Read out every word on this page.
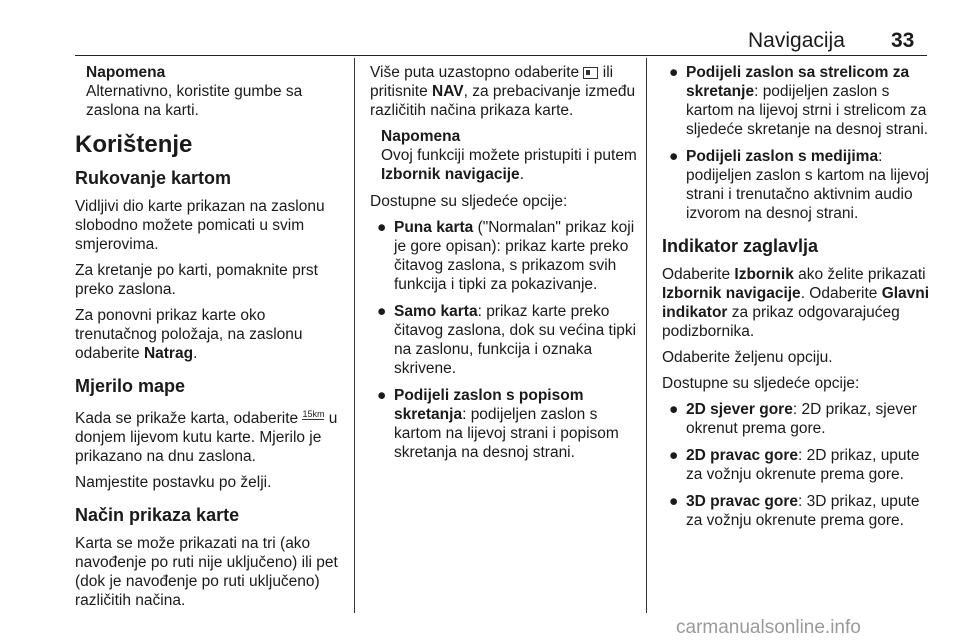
Navigacija 33
Napomena
Alternativno, koristite gumbe sa zaslona na karti.
Korištenje
Rukovanje kartom

Vidljivi dio karte prikazan na zaslonu slobodno možete pomicati u svim smjerovima.

Za kretanje po karti, pomaknite prst preko zaslona.

Za ponovni prikaz karte oko trenutačnog položaja, na zaslonu odaberite Natrag.

Mjerilo mape

Kada se prikaže karta, odaberite $^{15km}$ u donjem lijevom kutu karte. Mjerilo je prikazano na dnu zaslona.

Namjestite postavku po želji.

Način prikaza karte

Karta se može prikazati na tri (ako navođenje po ruti nije uključeno) ili pet (dok je navođenje po ruti uključeno) različitih načina.

Više puta uzastopno odaberite  ili pritisnite NAV, za prebacivanje između različitih načina prikaza karte.

Napomena
Ovoj funkciji možete pristupiti i putem Izbornik navigacije.

Dostupne su sljedeće opcije:

● Puna karta ("Normalan" prikaz koji je gore opisan): prikaz karte preko čitavog zaslona, s prikazom svih funkcija i tipki za pokazivanje.
● Samo karta: prikaz karte preko čitavog zaslona, dok su većina tipki na zaslonu, funkcija i oznaka skrivene.
● Podijeli zaslon s popisom skretanja: podijeljen zaslon s kartom na lijevoj strani i popisom skretanja na desnoj strani.
● Podijeli zaslon sa strelicom za skretanje: podijeljen zaslon s kartom na lijevoj strni i strelicom za sljedeće skretanje na desnoj strani.
● Podijeli zaslon s medijima: podijeljen zaslon s kartom na lijevoj strani i trenutačno aktivnim audio izvorom na desnoj strani.
Indikator zaglavlja

Odaberite Izbornik ako želite prikazati Izbornik navigacije. Odaberite Glavni indikator za prikaz odgovarajućeg podizbornika.

Odaberite željenu opciju.

Dostupne su sljedeće opcije:

● 2D sjever gore: 2D prikaz, sjever okrenut prema gore.
● 2D pravac gore: 2D prikaz, upute za vožnju okrenute prema gore.
● 3D pravac gore: 3D prikaz, upute za vožnju okrenute prema gore.
carmanualsonline.info
